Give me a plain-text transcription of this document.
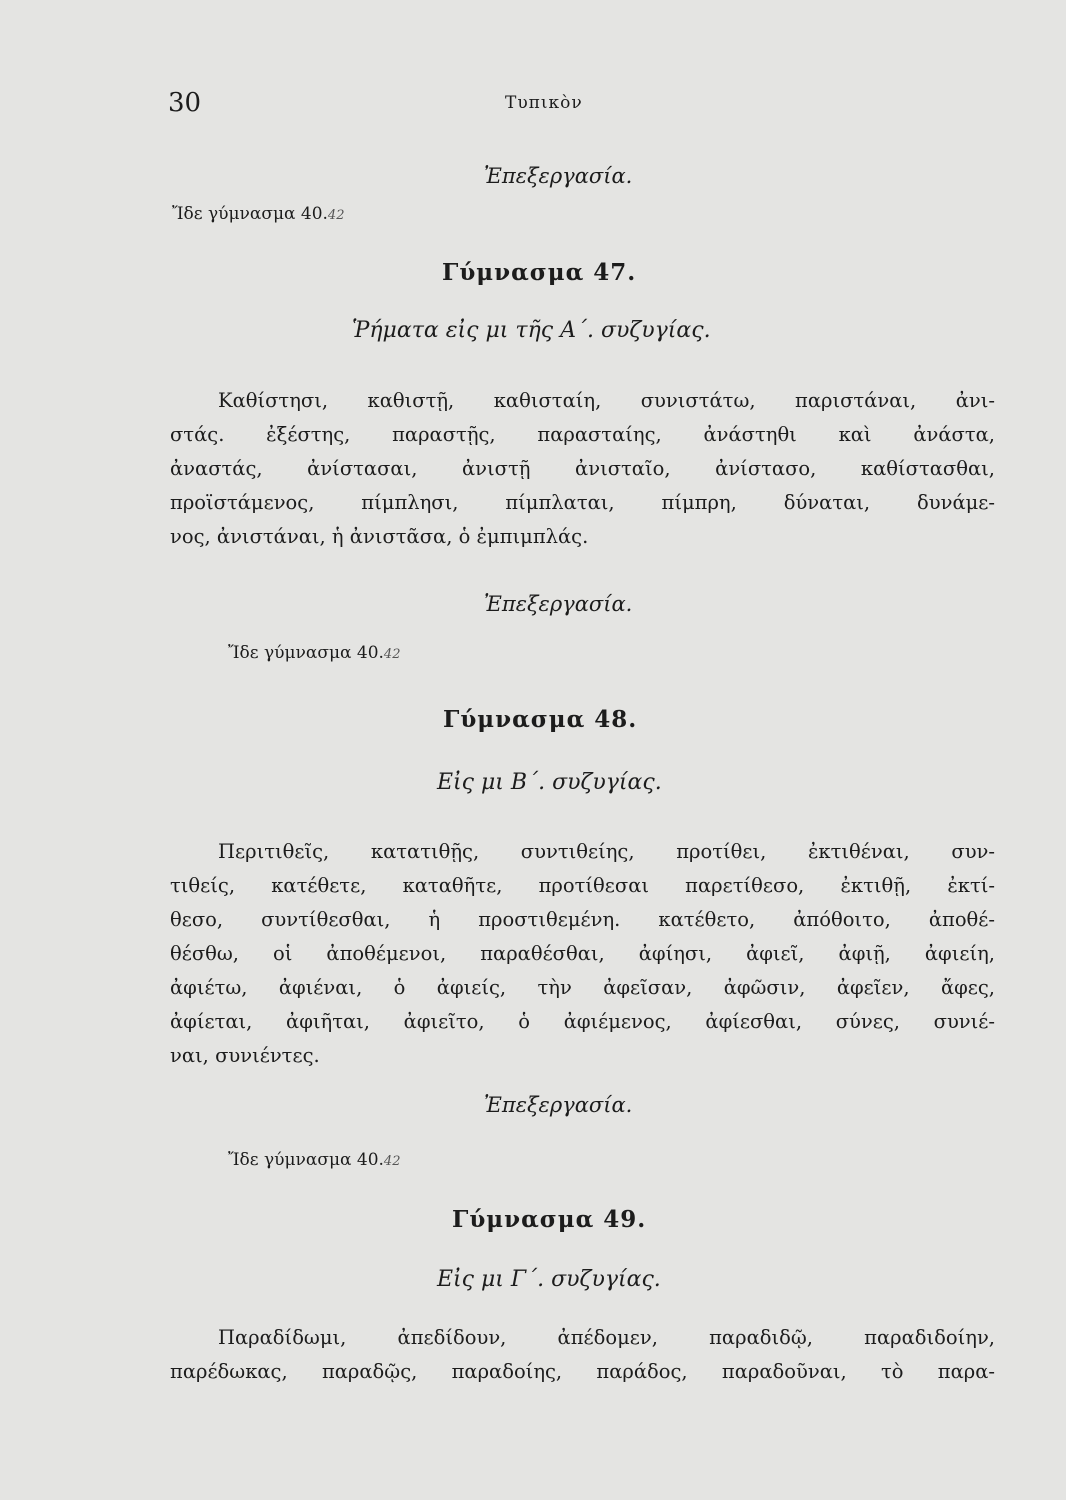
30	Τυπικὸν
Ἐπεξεργασία.
Ἴδε γύμνασμα 40.42
Γύμνασμα 47.
Ῥήματα εἰς μι τῆς Α΄. συζυγίας.
Καθίστησι, καθιστῇ, καθισταίη, συνιστάτω, παριστάναι, ἀνι-
στάς. ἐξέστης, παραστῇς, παρασταίης, ἀνάστηθι καὶ ἀνάστα,
ἀναστάς, ἀνίστασαι, ἀνιστῇ ἀνισταῖο, ἀνίστασο, καθίστασθαι,
προϊστάμενος, πίμπλησι, πίμπλαται, πίμπρη, δύναται, δυνάμε-
νος, ἀνιστάναι, ἡ ἀνιστᾶσα, ὁ ἐμπιμπλάς.
Ἐπεξεργασία.
Ἴδε γύμνασμα 40.42
Γύμνασμα 48.
Εἰς μι Β΄. συζυγίας.
Περιτιθεῖς, κατατιθῇς, συντιθείης, προτίθει, ἐκτιθέναι, συν-
τιθείς, κατέθετε, καταθῆτε, προτίθεσαι παρετίθεσο, ἐκτιθῇ, ἐκτί-
θεσο, συντίθεσθαι, ἡ προστιθεμένη. κατέθετο, ἀπόθοιτο, ἀποθέ-
θέσθω, οἱ ἀποθέμενοι, παραθέσθαι, ἀφίησι, ἀφιεῖ, ἀφιῇ, ἀφιείη,
ἀφιέτω, ἀφιέναι, ὁ ἀφιείς, τὴν ἀφεῖσαν, ἀφῶσιν, ἀφεῖεν, ἄφες,
ἀφίεται, ἀφιῆται, ἀφιεῖτο, ὁ ἀφιέμενος, ἀφίεσθαι, σύνες, συνιέ-
ναι, συνιέντες.
Ἐπεξεργασία.
Ἴδε γύμνασμα 40.42
Γύμνασμα 49.
Εἰς μι Γ΄. συζυγίας.
Παραδίδωμι, ἀπεδίδουν, ἀπέδομεν, παραδιδῷ, παραδιδοίην,
παρέδωκας, παραδῷς, παραδοίης, παράδος, παραδοῦναι, τὸ παρα-
